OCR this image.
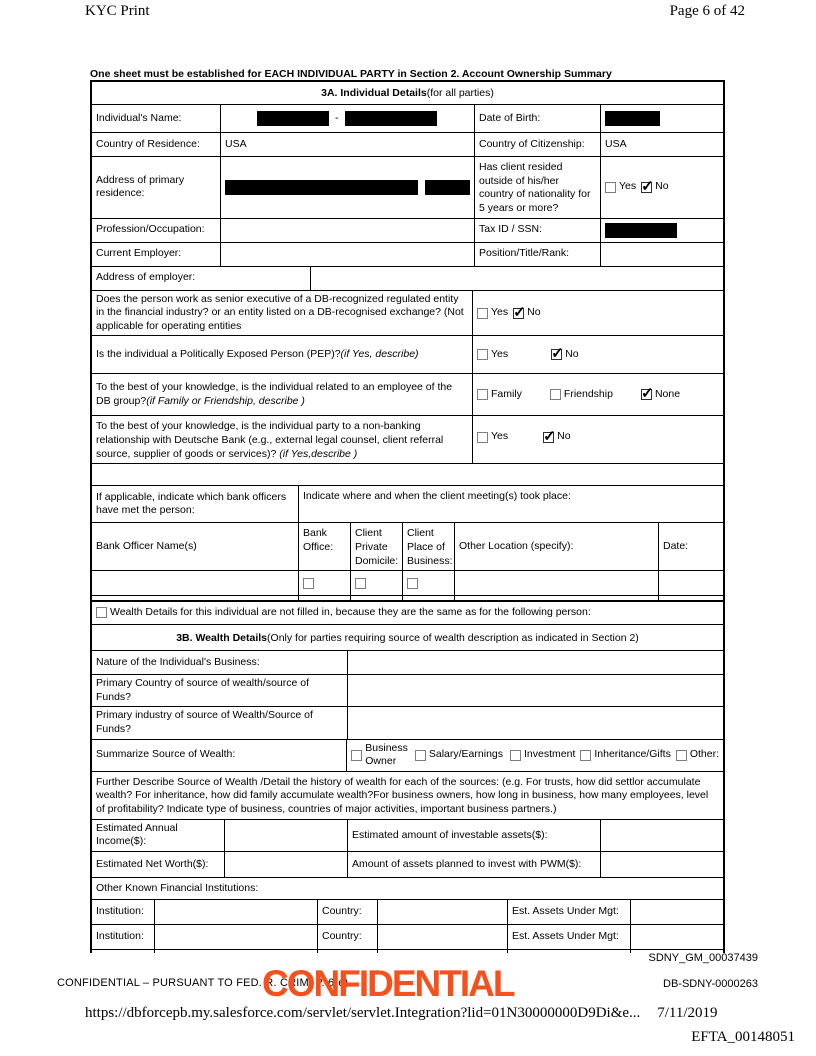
KYC Print	Page 6 of 42
One sheet must be established for EACH INDIVIDUAL PARTY in Section 2. Account Ownership Summary
3A. Individual Details (for all parties)
Individual's Name:	-	Date of Birth:
Country of Residence:	USA	Country of Citizenship:	USA
Address of primary residence:
Has client resided outside of his/her country of nationality for 5 years or more?
Yes ✓ No
Profession/Occupation:	Tax ID / SSN:
Current Employer:	Position/Title/Rank:
Address of employer:
Does the person work as senior executive of a DB-recognized regulated entity in the financial industry? or an entity listed on a DB-recognised exchange? (Not applicable for operating entities
Yes ✓ No
Is the individual a Politically Exposed Person (PEP)?(if Yes, describe)	Yes ✓	No
To the best of your knowledge, is the individual related to an employee of the DB group?(if Family or Friendship, describe )
Family	Friendship ✓	None
To the best of your knowledge, is the individual party to a non-banking relationship with Deutsche Bank (e.g., external legal counsel, client referral source, supplier of goods or services)? (if Yes,describe )
Yes ✓	No
If applicable, indicate which bank officers have met the person:
Indicate where and when the client meeting(s) took place:
Bank Officer Name(s)
Bank Office:
Client Private Domicile:
Client Place of Business:
Other Location (specify):	Date:
Wealth Details for this individual are not filled in, because they are the same as for the following person:
3B. Wealth Details (Only for parties requiring source of wealth description as indicated in Section 2)
Nature of the Individual's Business:
Primary Country of source of wealth/source of Funds?
Primary industry of source of Wealth/Source of Funds?
Summarize Source of Wealth:
Business Owner
Salary/Earnings Investment Inheritance/Gifts Other:
Further Describe Source of Wealth /Detail the history of wealth for each of the sources: (e.g. For trusts, how did settlor accumulate wealth? For inheritance, how did family accumulate wealth?For business owners, how long in business, how many employees, level of profitability? Indicate type of business, countries of major activities, important business partners.)
Estimated Annual Income($):
Estimated amount of investable assets($):
Estimated Net Worth($):	Amount of assets planned to invest with PWM($):
Other Known Financial Institutions:
Institution:	Country:	Est. Assets Under Mgt:
Institution:	Country:	Est. Assets Under Mgt:
SDNY_GM_00037439
CONFIDENTIAL – PURSUANT TO FED. R. CRIM. P. 6(e)	DB-SDNY-0000263
CONFIDENTIAL
https://dbforcepb.my.salesforce.com/servlet/servlet.Integration?lid=01N30000000D9Di&e... 7/11/2019
EFTA_00148051
